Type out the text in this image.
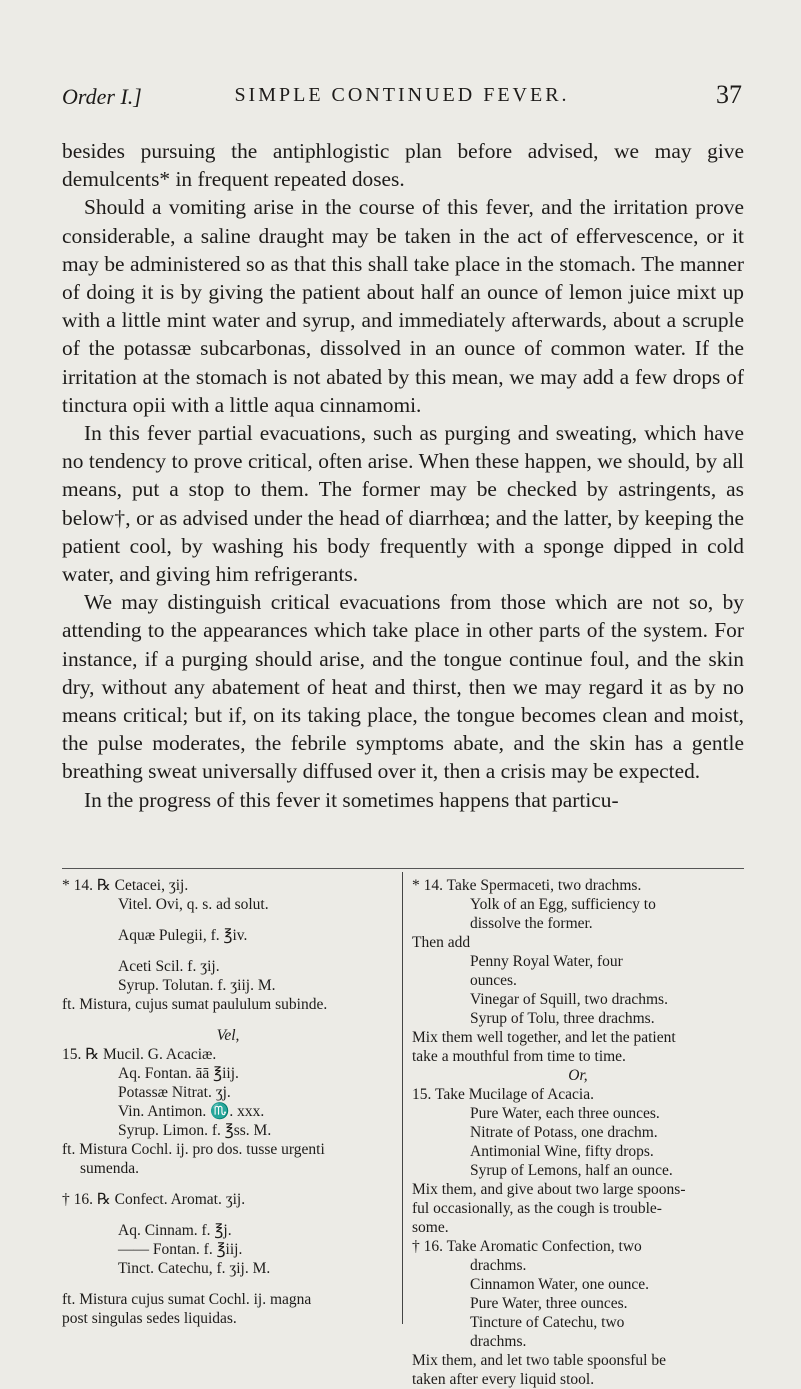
Order I.]	SIMPLE CONTINUED FEVER.	37

besides pursuing the antiphlogistic plan before advised, we may give demulcents* in frequent repeated doses.

Should a vomiting arise in the course of this fever, and the irritation prove considerable, a saline draught may be taken in the act of effervescence, or it may be administered so as that this shall take place in the stomach. The manner of doing it is by giving the patient about half an ounce of lemon juice mixt up with a little mint water and syrup, and immediately afterwards, about a scruple of the potassæ subcarbonas, dissolved in an ounce of common water. If the irritation at the stomach is not abated by this mean, we may add a few drops of tinctura opii with a little aqua cinnamomi.

In this fever partial evacuations, such as purging and sweating, which have no tendency to prove critical, often arise. When these happen, we should, by all means, put a stop to them. The former may be checked by astringents, as below†, or as advised under the head of diarrhœa; and the latter, by keeping the patient cool, by washing his body frequently with a sponge dipped in cold water, and giving him refrigerants.

We may distinguish critical evacuations from those which are not so, by attending to the appearances which take place in other parts of the system. For instance, if a purging should arise, and the tongue continue foul, and the skin dry, without any abatement of heat and thirst, then we may regard it as by no means critical; but if, on its taking place, the tongue becomes clean and moist, the pulse moderates, the febrile symptoms abate, and the skin has a gentle breathing sweat universally diffused over it, then a crisis may be expected.

In the progress of this fever it sometimes happens that particu-

* 14. ℞ Cetacei, ʒij.
Vitel. Ovi, q. s. ad solut.
Aquæ Pulegii, f. ℥iv.
Aceti Scil. f. ʒij.
Syrup. Tolutan. f. ʒiij. M.
ft. Mistura, cujus sumat paululum subinde.
Vel,
15. ℞ Mucil. G. Acaciæ.
Aq. Fontan. āā ℥iij.
Potassæ Nitrat. ʒj.
Vin. Antimon. ♏. xxx.
Syrup. Limon. f. ℥ss. M.
ft. Mistura Cochl. ij. pro dos. tusse urgenti
sumenda.
† 16. ℞ Confect. Aromat. ʒij.
Aq. Cinnam. f. ℥j.
—— Fontan. f. ℥iij.
Tinct. Catechu, f. ʒij. M.
ft. Mistura cujus sumat Cochl. ij. magna
post singulas sedes liquidas.
* 14. Take Spermaceti, two drachms.
Yolk of an Egg, sufficiency to
dissolve the former.
Then add
Penny Royal Water, four
ounces.
Vinegar of Squill, two drachms.
Syrup of Tolu, three drachms.
Mix them well together, and let the patient
take a mouthful from time to time.
Or,
15. Take Mucilage of Acacia.
Pure Water, each three ounces.
Nitrate of Potass, one drachm.
Antimonial Wine, fifty drops.
Syrup of Lemons, half an ounce.
Mix them, and give about two large spoons-
ful occasionally, as the cough is trouble-
some.
† 16. Take Aromatic Confection, two
drachms.
Cinnamon Water, one ounce.
Pure Water, three ounces.
Tincture of Catechu, two
drachms.
Mix them, and let two table spoonsful be
taken after every liquid stool.
